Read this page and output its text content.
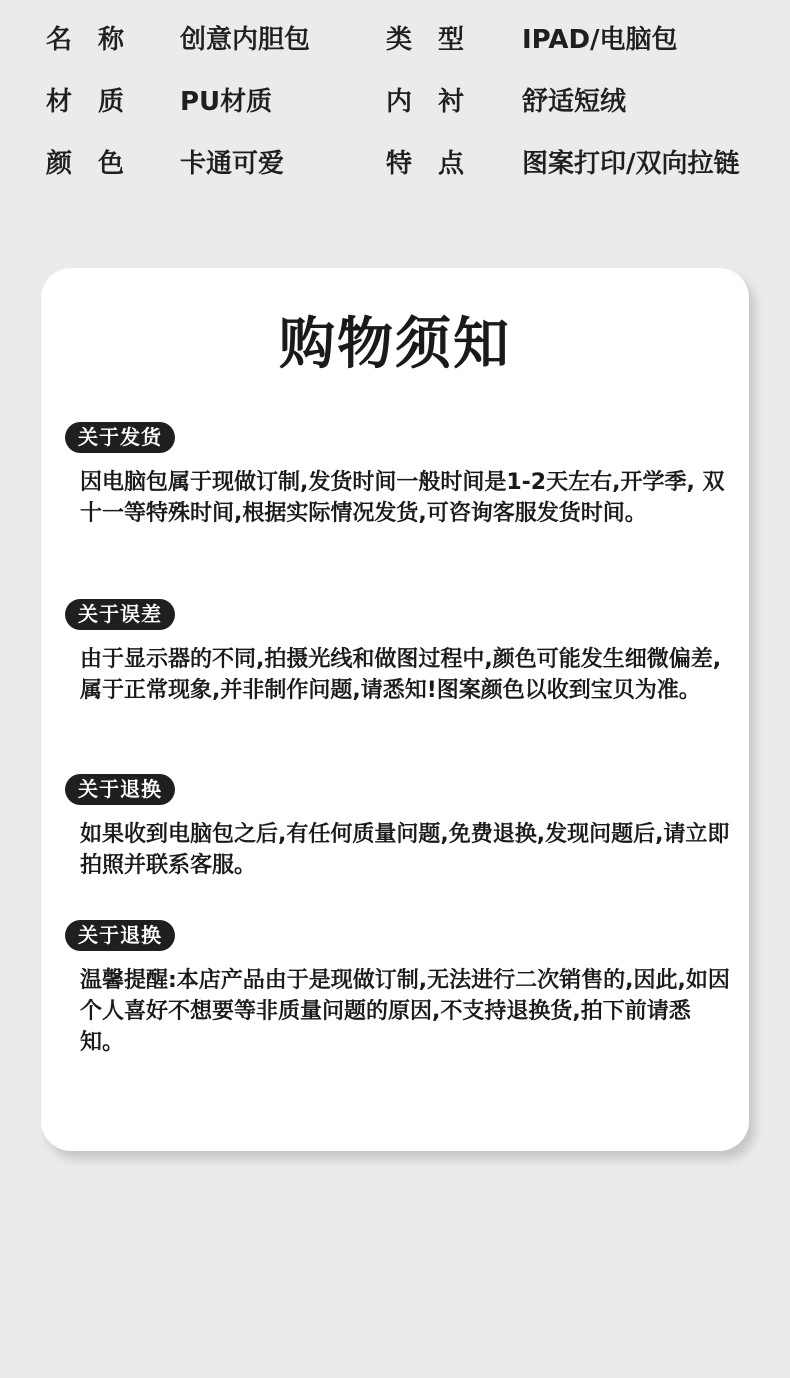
名称 创意内胆包	类型 IPAD/电脑包
材质 PU材质	内衬 舒适短绒
颜色 卡通可爱	特点 图案打印/双向拉链
购物须知
关于发货
因电脑包属于现做订制,发货时间一般时间是1-2天左右,开学季, 双十一等特殊时间,根据实际情况发货,可咨询客服发货时间。
关于误差
由于显示器的不同,拍摄光线和做图过程中,颜色可能发生细微偏差, 属于正常现象,并非制作问题,请悉知!图案颜色以收到宝贝为准。
关于退换
如果收到电脑包之后,有任何质量问题,免费退换,发现问题后,请立即拍照并联系客服。
关于退换
温馨提醒:本店产品由于是现做订制,无法进行二次销售的,因此,如因个人喜好不想要等非质量问题的原因,不支持退换货,拍下前请悉知。
